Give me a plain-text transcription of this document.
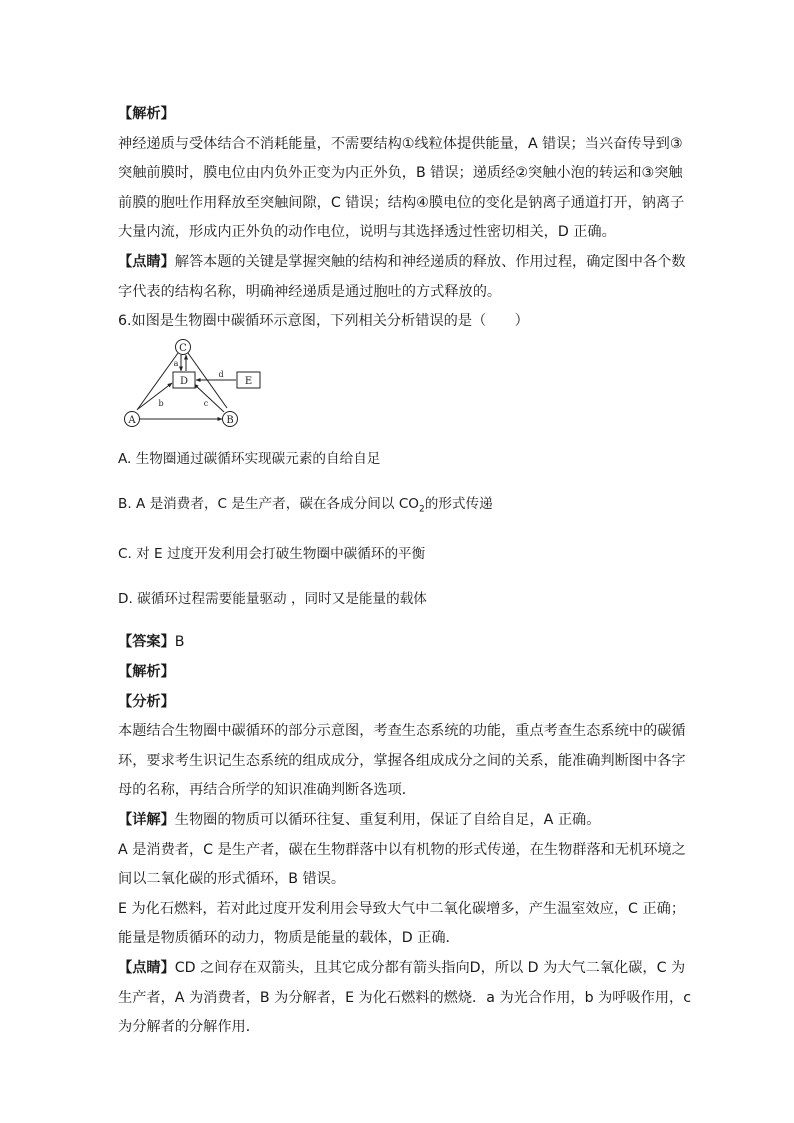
【解析】

神经递质与受体结合不消耗能量，不需要结构①线粒体提供能量，A 错误；当兴奋传导到③

突触前膜时，膜电位由内负外正变为内正外负，B 错误；递质经②突触小泡的转运和③突触

前膜的胞吐作用释放至突触间隙，C 错误；结构④膜电位的变化是钠离子通道打开，钠离子

大量内流，形成内正外负的动作电位，说明与其选择透过性密切相关，D 正确。

【点睛】解答本题的关键是掌握突触的结构和神经递质的释放、作用过程，确定图中各个数

字代表的结构名称，明确神经递质是通过胞吐的方式释放的。

6.如图是生物圈中碳循环示意图，下列相关分析错误的是（　　）

C
D	E
A	B
a
b	c
d

A. 生物圈通过碳循环实现碳元素的自给自足

B. A 是消费者，C 是生产者，碳在各成分间以 $CO_2$的形式传递

C. 对 E 过度开发利用会打破生物圈中碳循环的平衡

D. 碳循环过程需要能量驱动 ，同时又是能量的载体

【答案】B

【解析】

【分析】

本题结合生物圈中碳循环的部分示意图，考查生态系统的功能，重点考查生态系统中的碳循

环，要求考生识记生态系统的组成成分，掌握各组成成分之间的关系，能准确判断图中各字

母的名称，再结合所学的知识准确判断各选项．

【详解】生物圈的物质可以循环往复、重复利用，保证了自给自足，A 正确。

A 是消费者，C 是生产者，碳在生物群落中以有机物的形式传递，在生物群落和无机环境之

间以二氧化碳的形式循环，B 错误。

E 为化石燃料，若对此过度开发利用会导致大气中二氧化碳增多，产生温室效应，C 正确；

能量是物质循环的动力，物质是能量的载体，D 正确．

【点睛】CD 之间存在双箭头，且其它成分都有箭头指向D，所以 D 为大气二氧化碳，C 为

生产者，A 为消费者，B 为分解者，E 为化石燃料的燃烧．a 为光合作用，b 为呼吸作用，c

为分解者的分解作用．
